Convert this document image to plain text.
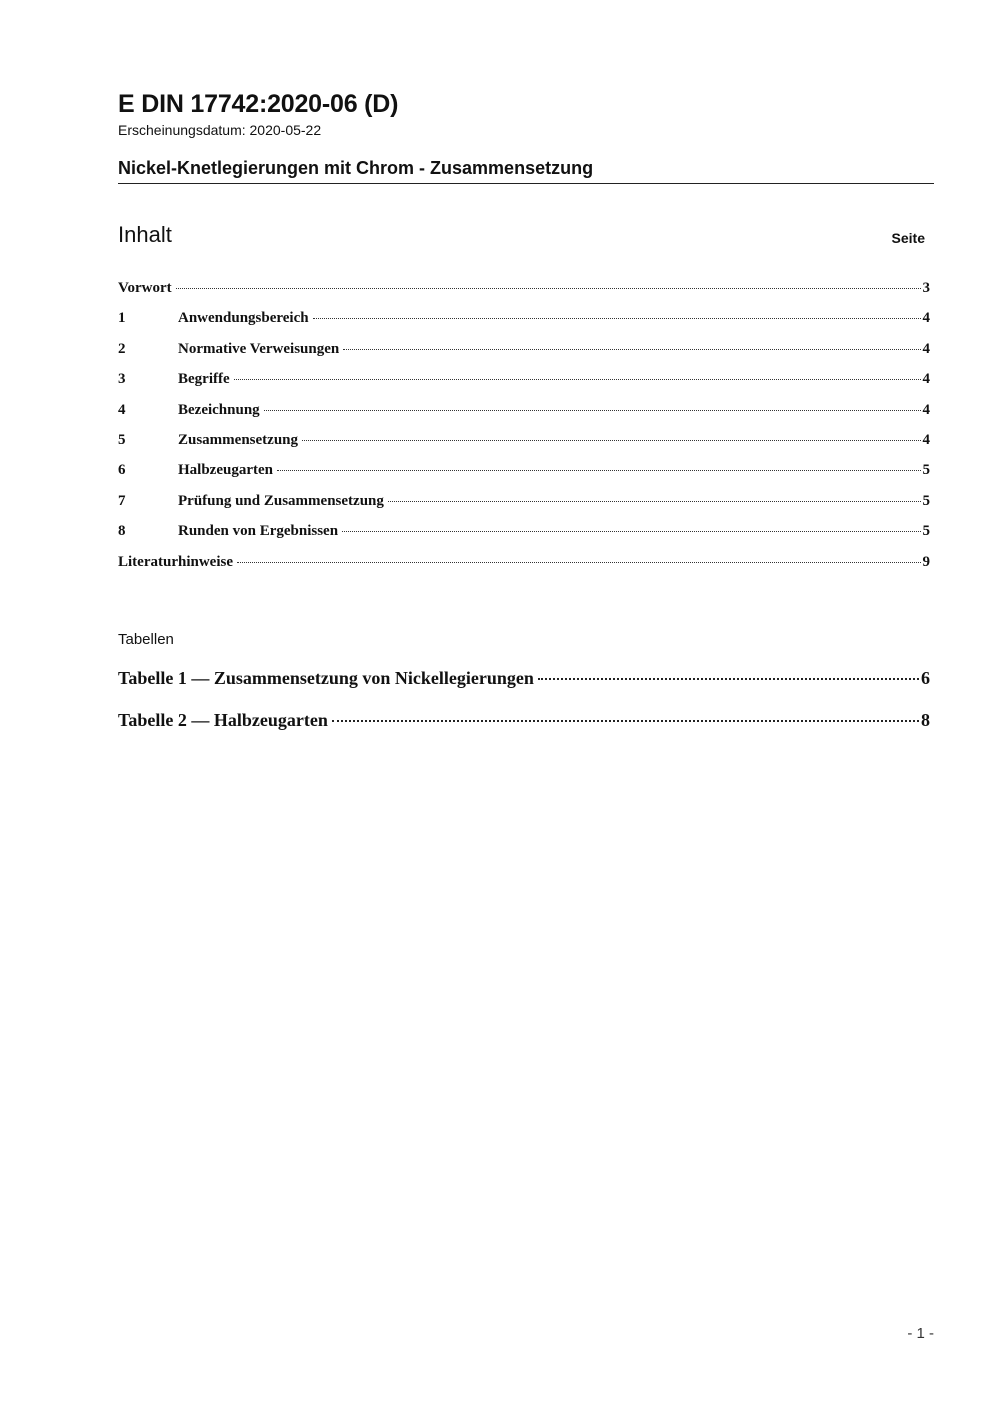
E DIN 17742:2020-06 (D)
Erscheinungsdatum: 2020-05-22
Nickel-Knetlegierungen mit Chrom - Zusammensetzung
Inhalt	Seite
Vorwort	3
1	Anwendungsbereich	4
2	Normative Verweisungen	4
3	Begriffe	4
4	Bezeichnung	4
5	Zusammensetzung	4
6	Halbzeugarten	5
7	Prüfung und Zusammensetzung	5
8	Runden von Ergebnissen	5
Literaturhinweise	9
Tabellen
Tabelle 1 — Zusammensetzung von Nickellegierungen	6
Tabelle 2 — Halbzeugarten	8
- 1 -
